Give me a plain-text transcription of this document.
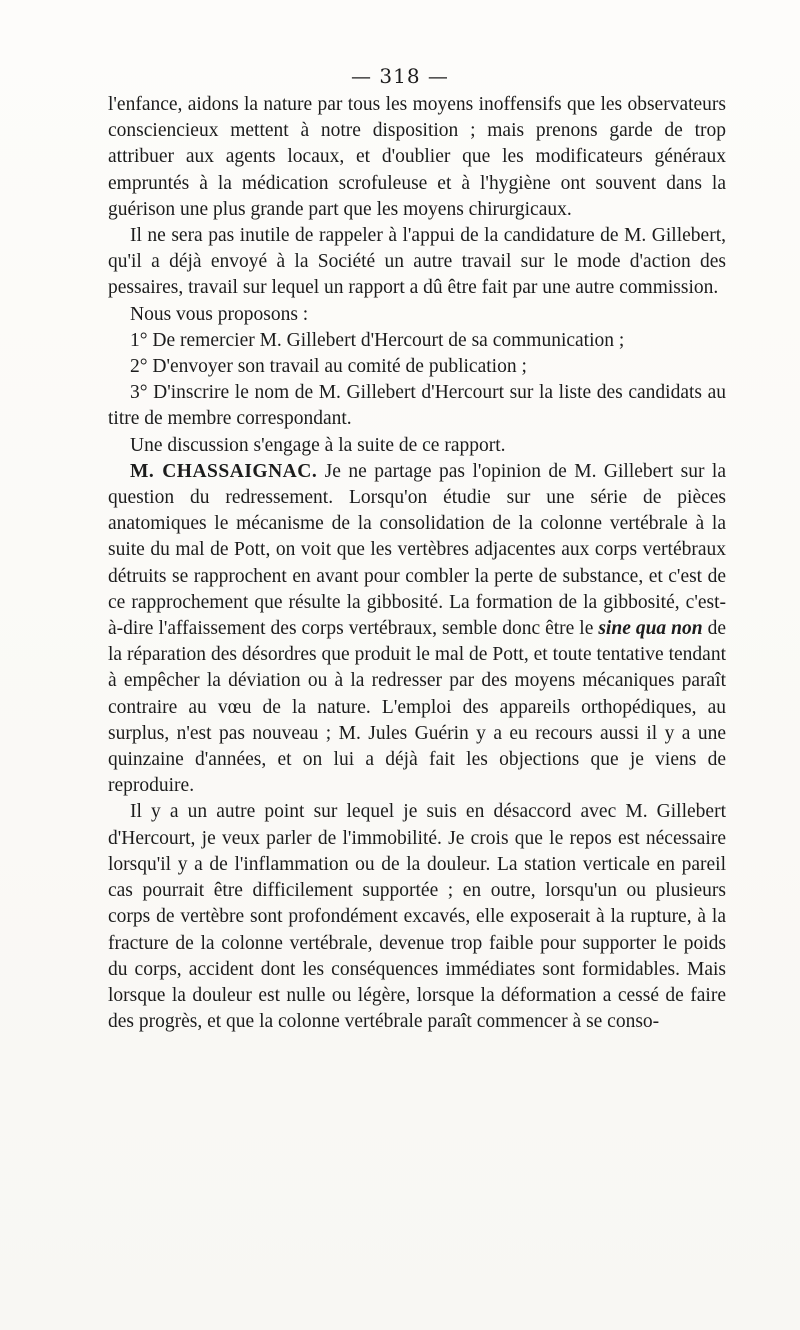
— 318 —

l'enfance, aidons la nature par tous les moyens inoffensifs que les observateurs consciencieux mettent à notre disposition ; mais prenons garde de trop attribuer aux agents locaux, et d'oublier que les modificateurs généraux empruntés à la médication scrofuleuse et à l'hygiène ont souvent dans la guérison une plus grande part que les moyens chirurgicaux.

Il ne sera pas inutile de rappeler à l'appui de la candidature de M. Gillebert, qu'il a déjà envoyé à la Société un autre travail sur le mode d'action des pessaires, travail sur lequel un rapport a dû être fait par une autre commission.

Nous vous proposons :

1° De remercier M. Gillebert d'Hercourt de sa communication ;

2° D'envoyer son travail au comité de publication ;

3° D'inscrire le nom de M. Gillebert d'Hercourt sur la liste des candidats au titre de membre correspondant.

Une discussion s'engage à la suite de ce rapport.

M. CHASSAIGNAC. Je ne partage pas l'opinion de M. Gillebert sur la question du redressement. Lorsqu'on étudie sur une série de pièces anatomiques le mécanisme de la consolidation de la colonne vertébrale à la suite du mal de Pott, on voit que les vertèbres adjacentes aux corps vertébraux détruits se rapprochent en avant pour combler la perte de substance, et c'est de ce rapprochement que résulte la gibbosité. La formation de la gibbosité, c'est-à-dire l'affaissement des corps vertébraux, semble donc être le sine qua non de la réparation des désordres que produit le mal de Pott, et toute tentative tendant à empêcher la déviation ou à la redresser par des moyens mécaniques paraît contraire au vœu de la nature. L'emploi des appareils orthopédiques, au surplus, n'est pas nouveau ; M. Jules Guérin y a eu recours aussi il y a une quinzaine d'années, et on lui a déjà fait les objections que je viens de reproduire.

Il y a un autre point sur lequel je suis en désaccord avec M. Gillebert d'Hercourt, je veux parler de l'immobilité. Je crois que le repos est nécessaire lorsqu'il y a de l'inflammation ou de la douleur. La station verticale en pareil cas pourrait être difficilement supportée ; en outre, lorsqu'un ou plusieurs corps de vertèbre sont profondément excavés, elle exposerait à la rupture, à la fracture de la colonne vertébrale, devenue trop faible pour supporter le poids du corps, accident dont les conséquences immédiates sont formidables. Mais lorsque la douleur est nulle ou légère, lorsque la déformation a cessé de faire des progrès, et que la colonne vertébrale paraît commencer à se conso-
